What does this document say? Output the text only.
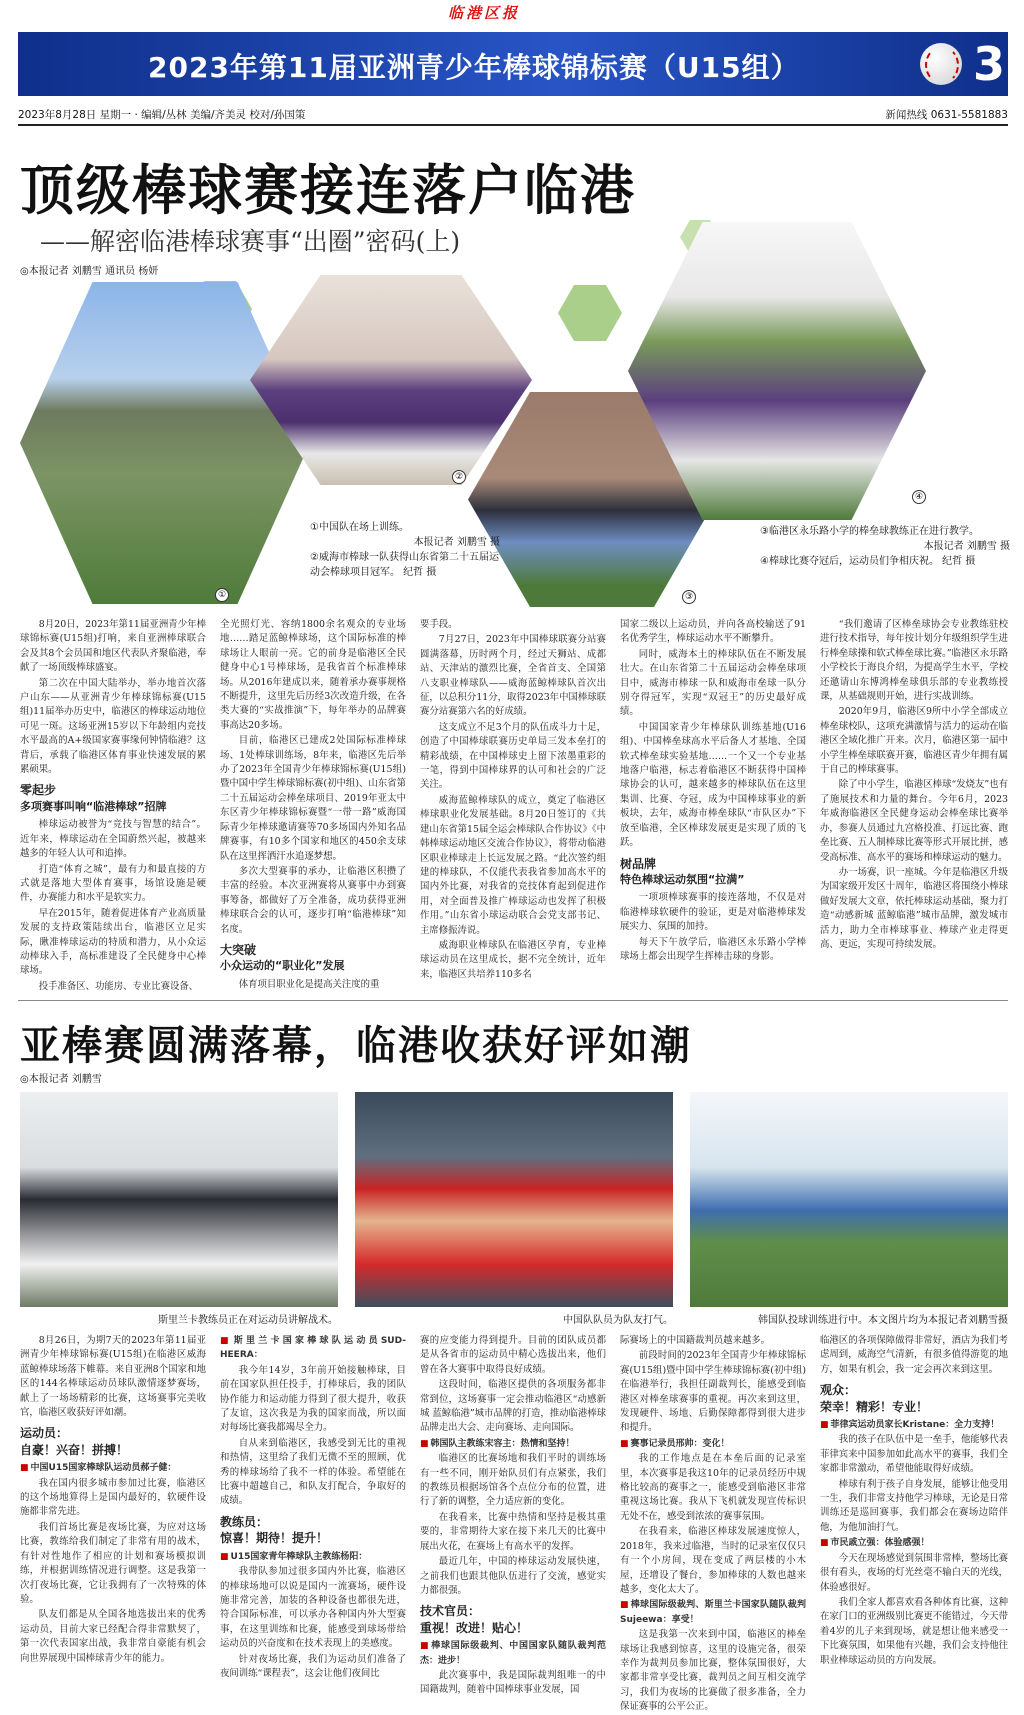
临港区报
2023年第11届亚洲青少年棒球锦标赛（U15组）	3
2023年8月28日 星期一 · 编辑/丛林 美编/齐美灵 校对/孙国策	新闻热线 0631-5581883
顶级棒球赛接连落户临港
——解密临港棒球赛事“出圈”密码(上)
◎本报记者 刘鹏雪 通讯员 杨妍
①
②
③
④
①中国队在场上训练。
本报记者 刘鹏雪 摄
②威海市棒球一队获得山东省第二十五届运动会棒球项目冠军。 纪哲 摄
③临港区永乐路小学的棒垒球教练正在进行教学。
本报记者 刘鹏雪 摄
④棒球比赛夺冠后，运动员们争相庆祝。 纪哲 摄

8月20日，2023年第11届亚洲青少年棒球锦标赛(U15组)打响，来自亚洲棒球联合会及其8个会员国和地区代表队齐聚临港，奉献了一场顶级棒球盛宴。

第二次在中国大陆举办，举办地首次落户山东——从亚洲青少年棒球锦标赛(U15组)11届举办历史中，临港区的棒球运动地位可见一斑。这场亚洲15岁以下年龄组内竞技水平最高的A+级国家赛事缘何钟情临港？这背后，承载了临港区体育事业快速发展的累累硕果。

零起步
多项赛事叫响“临港棒球”招牌

棒球运动被誉为“竞技与智慧的结合”。近年来，棒球运动在全国蔚然兴起，被越来越多的年轻人认可和追捧。

打造“体育之城”，最有力和最直接的方式就是落地大型体育赛事，场馆设施是硬件，办赛能力和水平是软实力。

早在2015年，随着促进体育产业高质量发展的支持政策陆续出台，临港区立足实际，瞅准棒球运动的特质和潜力，从小众运动棒球入手，高标准建设了全民健身中心棒球场。

投手准备区、功能房、专业比赛设备、

全光照灯光、容纳1800余名观众的专业场地……踏足蓝鲸棒球场，这个国际标准的棒球场让人眼前一亮。它的前身是临港区全民健身中心1号棒球场，是我省首个标准棒球场。从2016年建成以来，随着承办赛事规格不断提升，这里先后历经3次改造升级，在各类大赛的“实战推演”下，每年举办的品牌赛事高达20多场。

目前，临港区已建成2处国际标准棒球场、1处棒球训练场，8年来，临港区先后举办了2023年全国青少年棒球锦标赛(U15组)暨中国中学生棒球锦标赛(初中组)、山东省第二十五届运动会棒垒球项目、2019年亚太中东区青少年棒球锦标赛暨“一带一路”威海国际青少年棒球邀请赛等70多场国内外知名品牌赛事，有10多个国家和地区的450余支球队在这里挥洒汗水追逐梦想。

多次大型赛事的承办，让临港区积攒了丰富的经验。本次亚洲赛将从赛事中办到赛事筹备，都做好了万全准备，成功获得亚洲棒球联合会的认可，逐步打响“临港棒球”知名度。

大突破
小众运动的“职业化”发展

体育项目职业化是提高关注度的重

要手段。

7月27日，2023年中国棒球联赛分站赛圆满落幕，历时两个月，经过天狮站、成都站、天津站的激烈比赛，全省首支、全国第八支职业棒球队——威海蓝鲸棒球队首次出征，以总积分11分，取得2023年中国棒球联赛分站赛第六名的好成绩。

这支成立不足3个月的队伍成斗力十足，创造了中国棒球联赛历史单局三发本垒打的精彩战绩，在中国棒球史上留下浓墨重彩的一笔，得到中国棒球界的认可和社会的广泛关注。

威海蓝鲸棒球队的成立，奠定了临港区棒球职业化发展基础。8月20日签订的《共建山东省第15届全运会棒球队合作协议》《中韩棒球运动地区交流合作协议》，将带动临港区职业棒球走上长远发展之路。“此次签约组建的棒球队，不仅能代表我省参加高水平的国内外比赛，对我省的竞技体育起到促进作用，对全面普及推广棒球运动也发挥了积极作用。”山东省小球运动联合会党支部书记、主席修振涛说。

威海职业棒球队在临港区孕育，专业棒球运动员在这里成长，据不完全统计，近年来，临港区共培养110多名

国家二级以上运动员，并向各高校输送了91名优秀学生，棒球运动水平不断攀升。

同时，威海本土的棒球队伍在不断发展壮大。在山东省第二十五届运动会棒垒球项目中，威海市棒球一队和威海市垒球一队分别夺得冠军，实现“双冠王”的历史最好成绩。

中国国家青少年棒球队训练基地(U16组)、中国棒垒球高水平后备人才基地、全国软式棒垒球实验基地……一个又一个专业基地落户临港，标志着临港区不断获得中国棒球协会的认可，越来越多的棒球队伍在这里集训、比赛、夺冠，成为中国棒球事业的新板块，去年，威海市棒垒球队“市队区办”下放至临港，全区棒球发展更是实现了质的飞跃。

树品牌
特色棒球运动氛围“拉满”

一项项棒球赛事的接连落地，不仅是对临港棒球软硬件的验证，更是对临港棒球发展实力、氛围的加持。

每天下午放学后，临港区永乐路小学棒球场上都会出现学生挥棒击球的身影。

“我们邀请了区棒垒球协会专业教练驻校进行技术指导，每年按计划分年级组织学生进行棒垒球操和软式棒垒球比赛。”临港区永乐路小学校长于海良介绍，为提高学生水平，学校还邀请山东博鸿棒垒球俱乐部的专业教练授课，从基础规则开始，进行实战训练。

2020年9月，临港区9所中小学全部成立棒垒球校队，这项充满激情与活力的运动在临港区全域化推广开来。次月，临港区第一届中小学生棒垒球联赛开赛，临港区青少年拥有属于自己的棒球赛事。

除了中小学生，临港区棒球“发烧友”也有了施展技术和力量的舞台。今年6月，2023年威海临港区全民健身运动会棒垒球比赛举办，参赛人员通过九宫格投准、打远比赛、跑垒比赛、五人制棒球比赛等形式开展比拼，感受高标准、高水平的赛场和棒球运动的魅力。

办一场赛，识一座城。今年是临港区升级为国家级开发区十周年，临港区将围绕小棒球做好发展大文章，依托棒球运动基础，聚力打造“动感新城 蓝鲸临港”城市品牌，激发城市活力，助力全市棒球事业、棒球产业走得更高、更远，实现可持续发展。

亚棒赛圆满落幕，临港收获好评如潮
◎本报记者 刘鹏雪
斯里兰卡教练员正在对运动员讲解战术。	中国队队员为队友打气。	韩国队投球训练进行中。本文图片均为本报记者刘鹏雪摄

8月26日，为期7天的2023年第11届亚洲青少年棒球锦标赛(U15组)在临港区威海蓝鲸棒球场落下帷幕。来自亚洲8个国家和地区的144名棒球运动员球队激情逐梦赛场，献上了一场场精彩的比赛，这场赛事完美收官，临港区收获好评如潮。

运动员：
自豪！兴奋！拼搏！

■ 中国U15国家棒球队运动员郝子健：

我在国内很多城市参加过比赛，临港区的这个场地算得上是国内最好的，软硬件设施都非常先进。

我们首场比赛是夜场比赛，为应对这场比赛，教练给我们制定了非常有用的战术，有针对性地作了相应的计划和赛场模拟训练，并根据训练情况进行调整。这是我第一次打夜场比赛，它让我拥有了一次特殊的体验。

队友们都是从全国各地选拔出来的优秀运动员，目前大家已经配合得非常默契了，第一次代表国家出战，我非常自豪能有机会向世界展现中国棒球青少年的能力。

■ 斯里兰卡国家棒球队运动员SUD-HEERA：

我今年14岁，3年前开始接触棒球，目前在国家队担任投手，打棒球后，我的团队协作能力和运动能力得到了很大提升，收获了友谊，这次我是为我的国家而战，所以面对每场比赛我都竭尽全力。

自从来到临港区，我感受到无比的重视和热情，这里给了我们无微不至的照顾，优秀的棒球场给了我不一样的体验。希望能在比赛中超越自己，和队友打配合，争取好的成绩。

教练员：
惊喜！期待！提升！

■ U15国家青年棒球队主教练杨阳：

我带队参加过很多国内外比赛，临港区的棒球场地可以说是国内一流赛场，硬件设施非常完善，加装的各种设备也都很先进，符合国际标准，可以承办各种国内外大型赛事，在这里训练和比赛，能感受到球场带给运动员的兴奋度和在技术表现上的美感度。

针对夜场比赛，我们为运动员们准备了夜间训练“课程表”，这会让他们夜间比

赛的应变能力得到提升。目前的团队成员都是从各省市的运动员中精心选拔出来，他们曾在各大赛事中取得良好成绩。

这段时间，临港区提供的各项服务都非常到位，这场赛事一定会推动临港区“动感新城 蓝鲸临港”城市品牌的打造，推动临港棒球品牌走出大会、走向赛场、走向国际。

■ 韩国队主教练宋容主：热情和坚持！

临港区的比赛场地和我们平时的训练场有一些不同，刚开始队员们有点紧张，我们的教练员根据场馆各个点位分布的位置，进行了新的调整，全力适应新的变化。

在我看来，比赛中热情和坚持是极其重要的，非常期待大家在接下来几天的比赛中展出火花，在赛场上有高水平的发挥。

最近几年，中国的棒球运动发展快速，之前我们也跟其他队伍进行了交流，感觉实力都很强。

技术官员：
重视！改进！贴心！

■ 棒球国际级裁判、中国国家队随队裁判范杰：进步！

此次赛事中，我是国际裁判组唯一的中国籍裁判，随着中国棒球事业发展，国

际赛场上的中国籍裁判员越来越多。

前段时间的2023年全国青少年棒球锦标赛(U15组)暨中国中学生棒球锦标赛(初中组)在临港举行，我担任副裁判长，能感受到临港区对棒垒球赛事的重视。再次来到这里，发现硬件、场地、后勤保障都得到很大进步和提升。

■ 赛事记录员邢帅：变化！

我的工作地点是在本垒后面的记录室里，本次赛事是我这10年的记录员经历中规格比较高的赛事之一，能感受到临港区非常重视这场比赛。我从下飞机就发现宣传标识无处不在，感受到浓浓的赛事氛围。

在我看来，临港区棒球发展速度惊人，2018年，我来过临港，当时的记录室仅仅只有一个小房间，现在变成了两层楼的小木屋，还增设了餐台，参加棒球的人数也越来越多，变化太大了。

■ 棒球国际级裁判、斯里兰卡国家队随队裁判Sujeewa：享受！

这是我第一次来到中国，临港区的棒垒球场让我感到惊喜，这里的设施完备，很荣幸作为裁判员参加比赛，整体氛围很好，大家都非常享受比赛，裁判员之间互相交流学习，我们为夜场的比赛做了很多准备，全力保证赛事的公平公正。

临港区的各项保障做得非常好，酒店为我们考虑周到，威海空气清新，有很多值得游览的地方，如果有机会，我一定会再次来到这里。

观众：
荣幸！精彩！专业！

■ 菲律宾运动员家长Kristane：全力支持！

我的孩子在队伍中是一垒手，他能够代表菲律宾来中国参加如此高水平的赛事，我们全家都非常激动，希望他能取得好成绩。

棒球有利于孩子自身发展，能够让他受用一生，我们非常支持他学习棒球，无论是日常训练还是巡回赛事，我们都会在赛场边陪伴他，为他加油打气。

■ 市民戚立强：体验感强！

今天在现场感觉到氛围非常棒，整场比赛很有看头，夜场的灯光丝毫不输白天的光线，体验感很好。

我们全家人都喜欢看各种体育比赛，这种在家门口的亚洲级别比赛更不能错过，今天带着4岁的儿子来到现场，就是想让他来感受一下比赛氛围，如果他有兴趣，我们会支持他往职业棒球运动员的方向发展。
